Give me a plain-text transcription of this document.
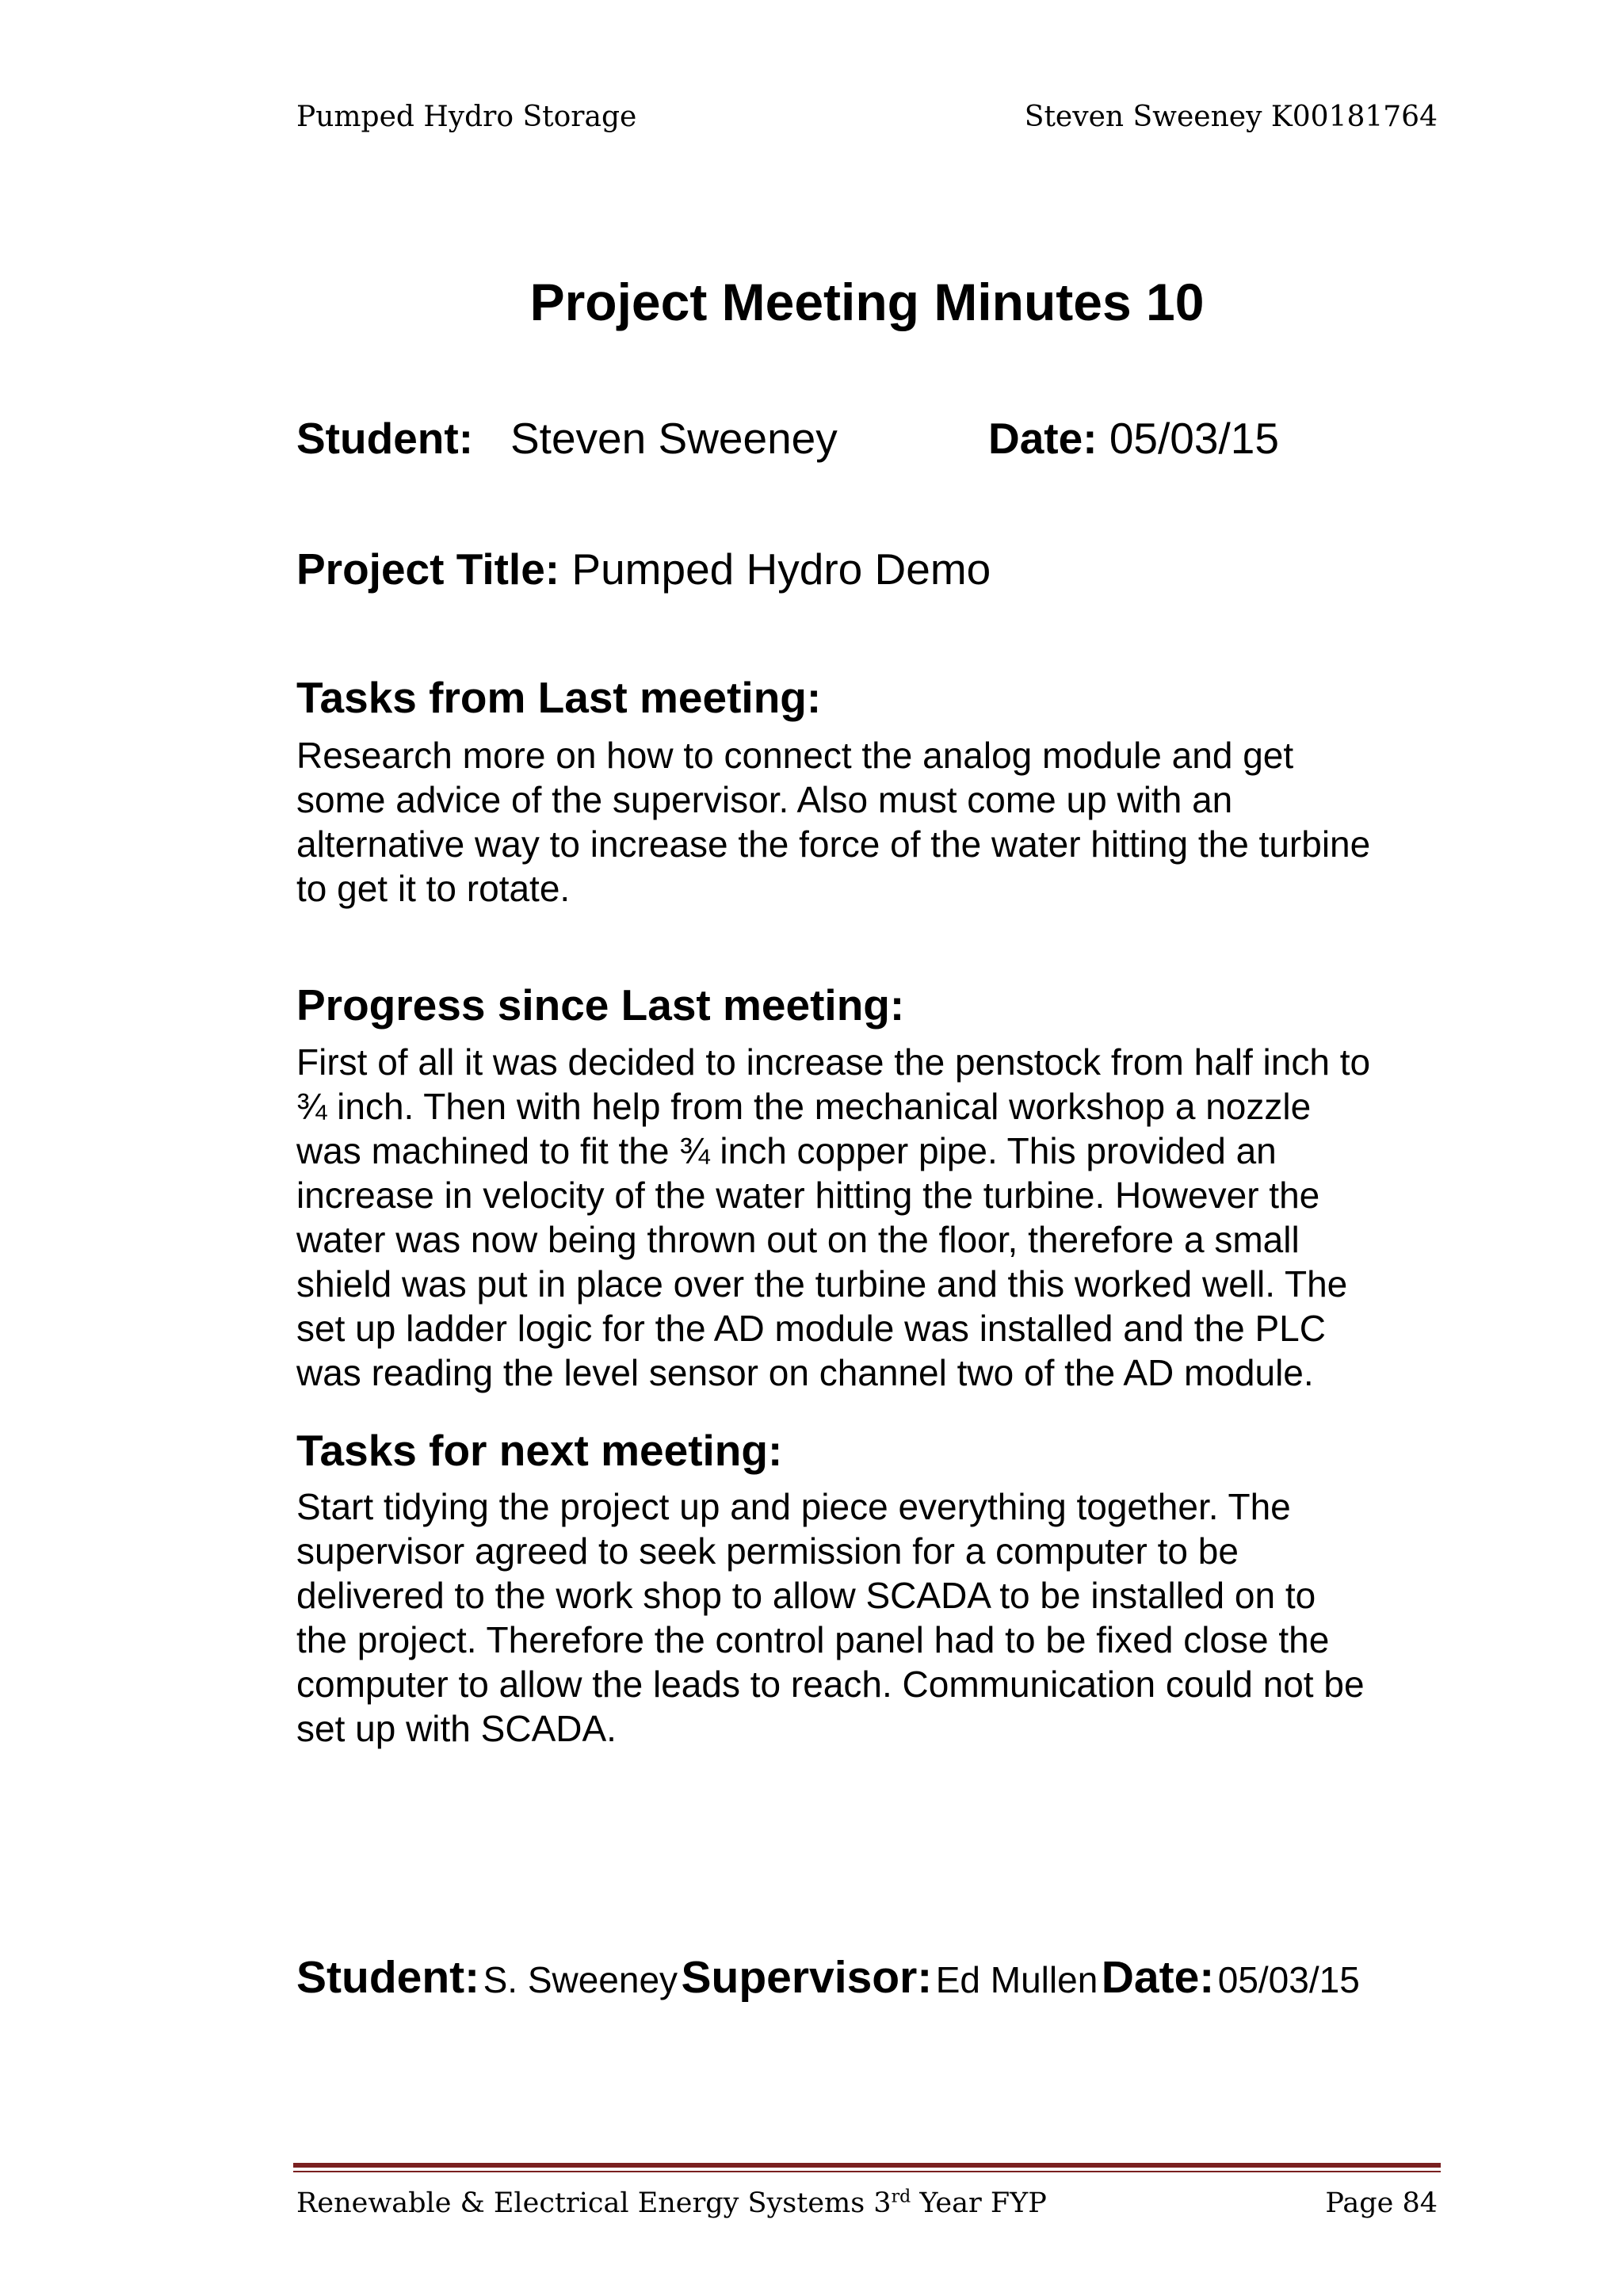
Pumped Hydro Storage	Steven Sweeney K00181764
Project Meeting Minutes 10
Student: Steven Sweeney	Date: 05/03/15
Project Title: Pumped Hydro Demo
Tasks from Last meeting:
Research more on how to connect the analog module and get
some advice of the supervisor. Also must come up with an
alternative way to increase the force of the water hitting the turbine
to get it to rotate.
Progress since Last meeting:
First of all it was decided to increase the penstock from half inch to
¾ inch. Then with help from the mechanical workshop a nozzle
was machined to fit the ¾ inch copper pipe. This provided an
increase in velocity of the water hitting the turbine. However the
water was now being thrown out on the floor, therefore a small
shield was put in place over the turbine and this worked well. The
set up ladder logic for the AD module was installed and the PLC
was reading the level sensor on channel two of the AD module.
Tasks for next meeting:
Start tidying the project up and piece everything together. The
supervisor agreed to seek permission for a computer to be
delivered to the work shop to allow SCADA to be installed on to
the project. Therefore the control panel had to be fixed close the
computer to allow the leads to reach. Communication could not be
set up with SCADA.
Student: S. Sweeney Supervisor: Ed Mullen Date: 05/03/15
Renewable & Electrical Energy Systems 3rd Year FYP	Page 84
